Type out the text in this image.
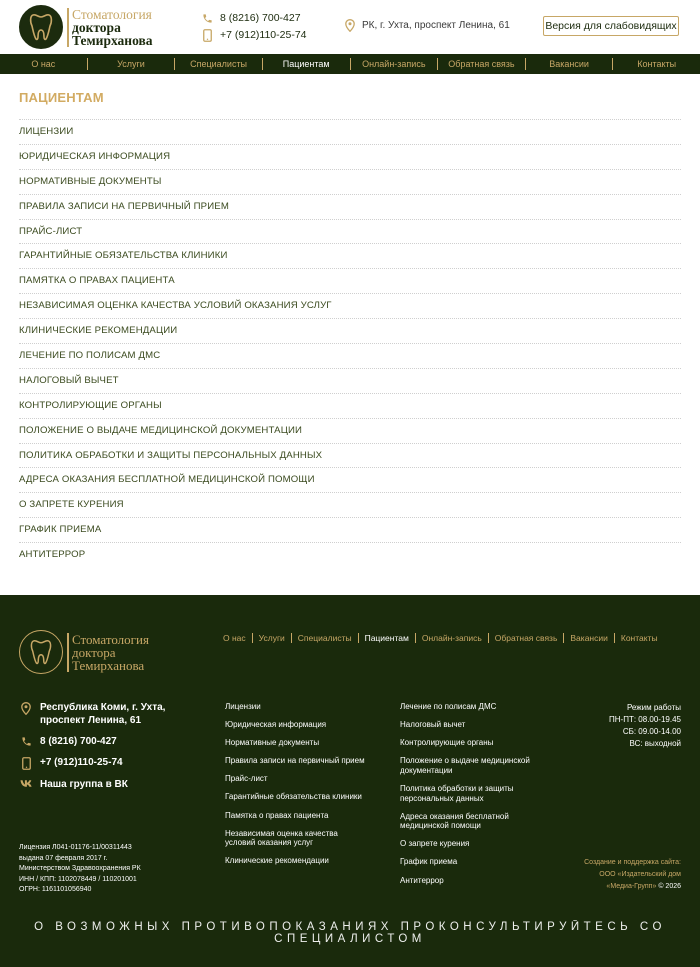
Стоматология
доктора
Темирханова
8 (8216) 700-427
+7 (912)110-25-74
РК, г. Ухта, проспект Ленина, 61	Версия для слабовидящих
О нас	Услуги	Специалисты	Пациентам	Онлайн-запись	Обратная связь	Вакансии	Контакты
ПАЦИЕНТАМ
ЛИЦЕНЗИИ
ЮРИДИЧЕСКАЯ ИНФОРМАЦИЯ
НОРМАТИВНЫЕ ДОКУМЕНТЫ
ПРАВИЛА ЗАПИСИ НА ПЕРВИЧНЫЙ ПРИЕМ
ПРАЙС-ЛИСТ
ГАРАНТИЙНЫЕ ОБЯЗАТЕЛЬСТВА КЛИНИКИ
ПАМЯТКА О ПРАВАХ ПАЦИЕНТА
НЕЗАВИСИМАЯ ОЦЕНКА КАЧЕСТВА УСЛОВИЙ ОКАЗАНИЯ УСЛУГ
КЛИНИЧЕСКИЕ РЕКОМЕНДАЦИИ
ЛЕЧЕНИЕ ПО ПОЛИСАМ ДМС
НАЛОГОВЫЙ ВЫЧЕТ
КОНТРОЛИРУЮЩИЕ ОРГАНЫ
ПОЛОЖЕНИЕ О ВЫДАЧЕ МЕДИЦИНСКОЙ ДОКУМЕНТАЦИИ
ПОЛИТИКА ОБРАБОТКИ И ЗАЩИТЫ ПЕРСОНАЛЬНЫХ ДАННЫХ
АДРЕСА ОКАЗАНИЯ БЕСПЛАТНОЙ МЕДИЦИНСКОЙ ПОМОЩИ
О ЗАПРЕТЕ КУРЕНИЯ
ГРАФИК ПРИЕМА
АНТИТЕРРОР
Стоматология
доктора
Темирханова
О нас	Услуги	Специалисты	Пациентам	Онлайн-запись	Обратная связь	Вакансии	Контакты
Республика Коми, г. Ухта,
проспект Ленина, 61
8 (8216) 700-427
+7 (912)110-25-74
Наша группа в ВК
Лицензия Л041-01176-11/00311443
выдана 07 февраля 2017 г.
Министерством Здравоохранения РК
ИНН / КПП: 1102078449 / 110201001
ОГРН: 1161101056940
Лицензии
Юридическая информация
Нормативные документы
Правила записи на первичный прием
Прайс-лист
Гарантийные обязательства клиники
Памятка о правах пациента
Независимая оценка качества условий оказания услуг
Клинические рекомендации
Лечение по полисам ДМС
Налоговый вычет
Контролирующие органы
Положение о выдаче медицинской документации
Политика обработки и защиты персональных данных
Адреса оказания бесплатной медицинской помощи
О запрете курения
График приема
Антитеррор
Режим работы
ПН-ПТ: 08.00-19.45
СБ: 09.00-14.00
ВС: выходной
Создание и поддержка сайта:
ООО «Издательский дом
«Медиа-Групп» © 2026
О ВОЗМОЖНЫХ ПРОТИВОПОКАЗАНИЯХ ПРОКОНСУЛЬТИРУЙТЕСЬ СО СПЕЦИАЛИСТОМ
